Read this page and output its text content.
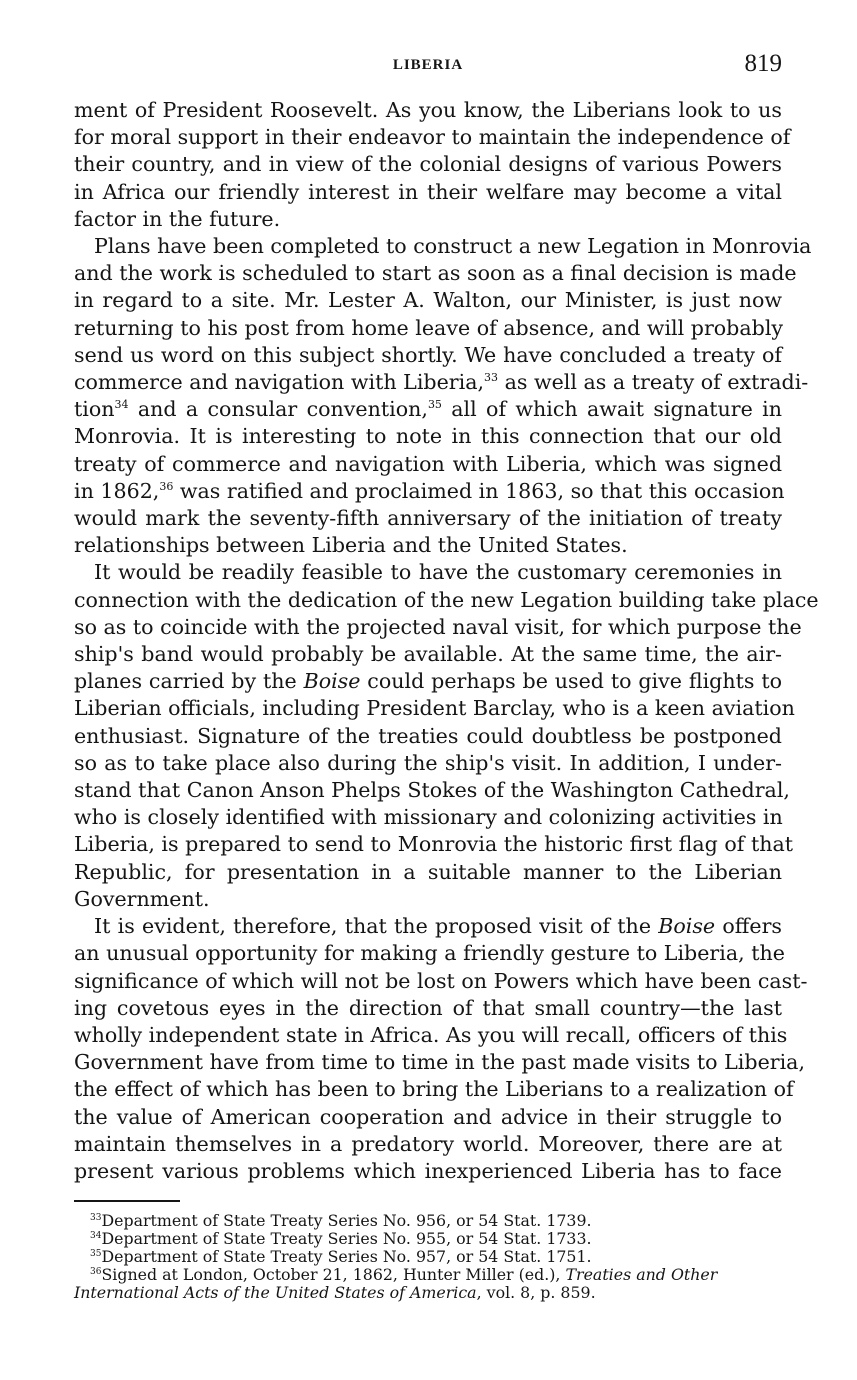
LIBERIA	819
ment of President Roosevelt. As you know, the Liberians look to us
for moral support in their endeavor to maintain the independence of
their country, and in view of the colonial designs of various Powers
in Africa our friendly interest in their welfare may become a vital
factor in the future.
Plans have been completed to construct a new Legation in Monrovia
and the work is scheduled to start as soon as a final decision is made
in regard to a site. Mr. Lester A. Walton, our Minister, is just now
returning to his post from home leave of absence, and will probably
send us word on this subject shortly. We have concluded a treaty of
commerce and navigation with Liberia,$^{33}$ as well as a treaty of extradi-
tion$^{34}$ and a consular convention,$^{35}$ all of which await signature in
Monrovia. It is interesting to note in this connection that our old
treaty of commerce and navigation with Liberia, which was signed
in 1862,36 was ratified and proclaimed in 1863, so that this occasion
would mark the seventy-fifth anniversary of the initiation of treaty
relationships between Liberia and the United States.
It would be readily feasible to have the customary ceremonies in
connection with the dedication of the new Legation building take place
so as to coincide with the projected naval visit, for which purpose the
ship's band would probably be available. At the same time, the air-
planes carried by the Boise could perhaps be used to give flights to
Liberian officials, including President Barclay, who is a keen aviation
enthusiast. Signature of the treaties could doubtless be postponed
so as to take place also during the ship's visit. In addition, I under-
stand that Canon Anson Phelps Stokes of the Washington Cathedral,
who is closely identified with missionary and colonizing activities in
Liberia, is prepared to send to Monrovia the historic first flag of that
Republic, for presentation in a suitable manner to the Liberian
Government.
It is evident, therefore, that the proposed visit of the Boise offers
an unusual opportunity for making a friendly gesture to Liberia, the
significance of which will not be lost on Powers which have been cast-
ing covetous eyes in the direction of that small country—the last
wholly independent state in Africa. As you will recall, officers of this
Government have from time to time in the past made visits to Liberia,
the effect of which has been to bring the Liberians to a realization of
the value of American cooperation and advice in their struggle to
maintain themselves in a predatory world. Moreover, there are at
present various problems which inexperienced Liberia has to face
$^{33}$Department of State Treaty Series No. 956, or 54 Stat. 1739.
$^{34}$Department of State Treaty Series No. 955, or 54 Stat. 1733.
$^{35}$Department of State Treaty Series No. 957, or 54 Stat. 1751.
$^{36}$Signed at London, October 21, 1862, Hunter Miller (ed.), Treaties and Other
International Acts of the United States of America, vol. 8, p. 859.
